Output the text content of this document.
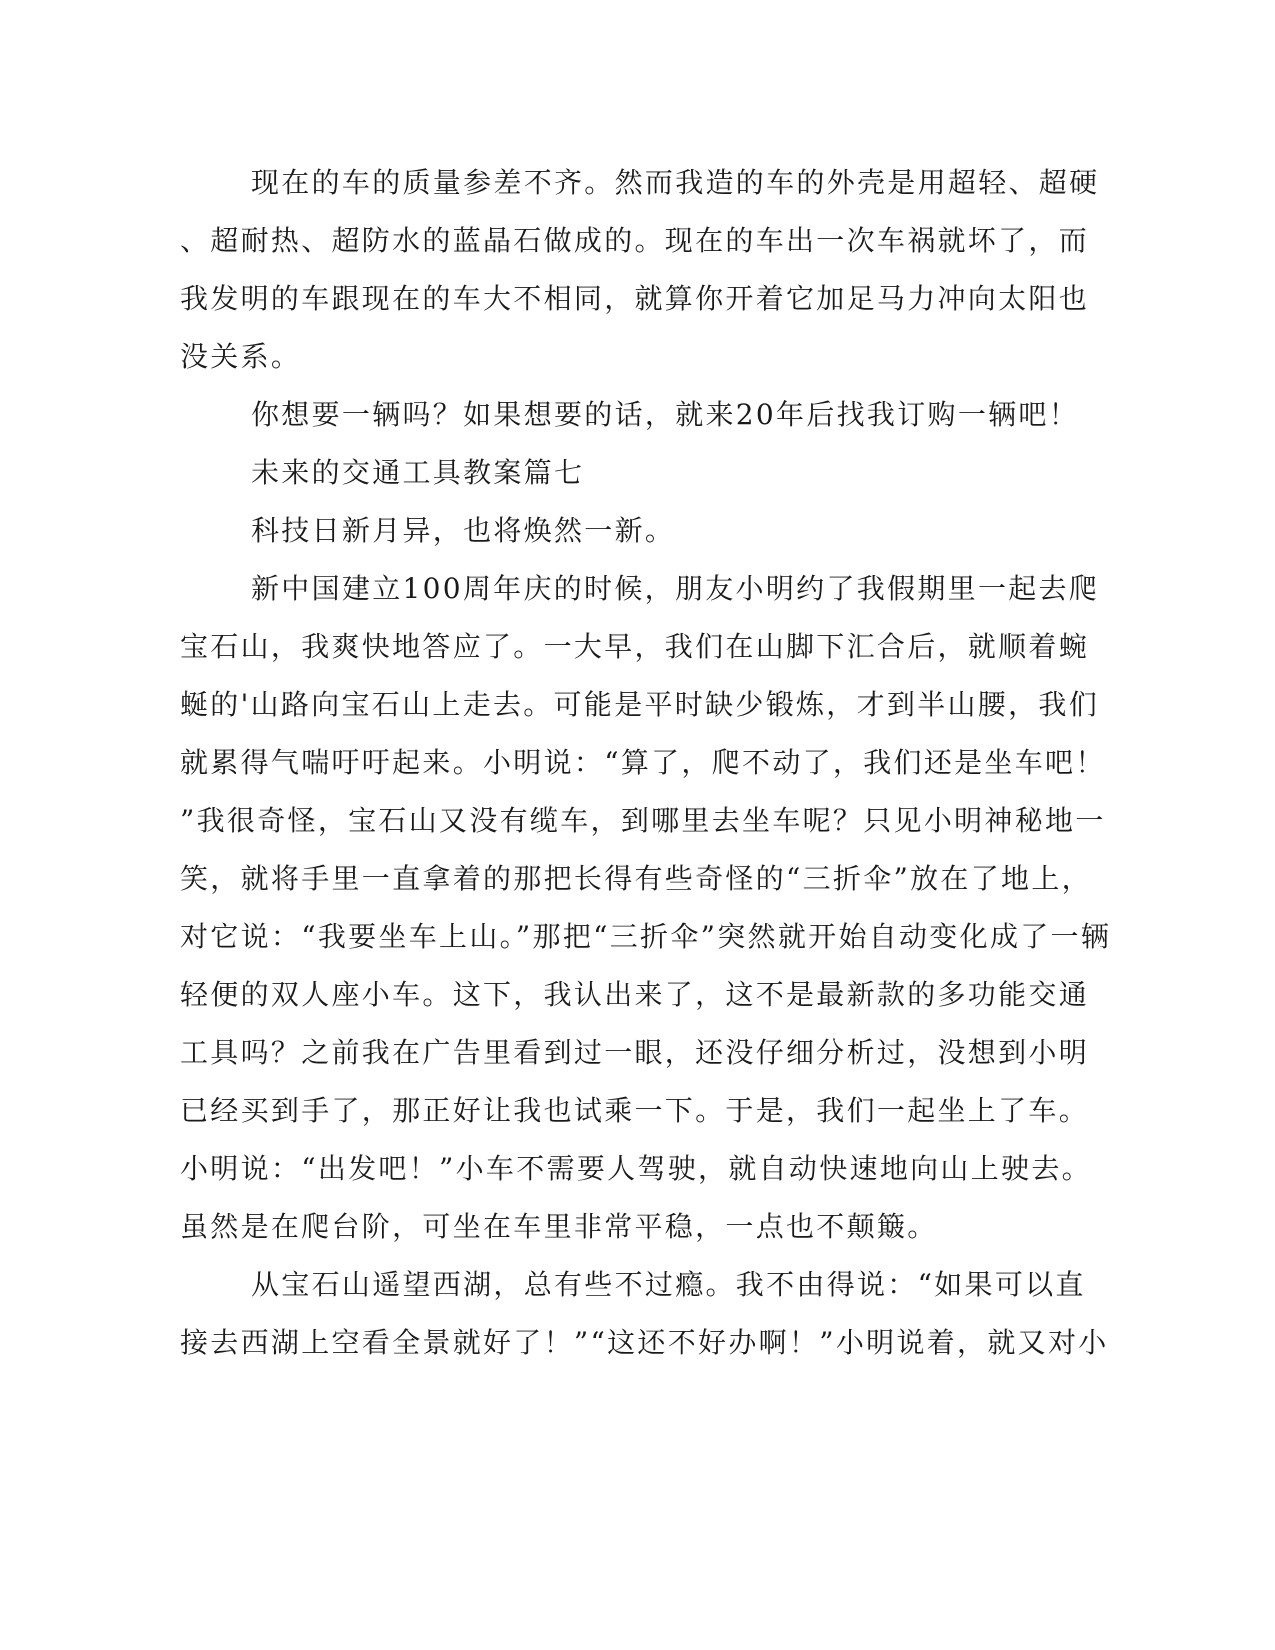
现在的车的质量参差不齐。然而我造的车的外壳是用超轻、超硬
、超耐热、超防水的蓝晶石做成的。现在的车出一次车祸就坏了，而
我发明的车跟现在的车大不相同，就算你开着它加足马力冲向太阳也
没关系。
你想要一辆吗？如果想要的话，就来20年后找我订购一辆吧！
未来的交通工具教案篇七
科技日新月异，也将焕然一新。
新中国建立100周年庆的时候，朋友小明约了我假期里一起去爬
宝石山，我爽快地答应了。一大早，我们在山脚下汇合后，就顺着蜿
蜒的'山路向宝石山上走去。可能是平时缺少锻炼，才到半山腰，我们
就累得气喘吁吁起来。小明说：“算了，爬不动了，我们还是坐车吧！
”我很奇怪，宝石山又没有缆车，到哪里去坐车呢？只见小明神秘地一
笑，就将手里一直拿着的那把长得有些奇怪的“三折伞”放在了地上，
对它说：“我要坐车上山。”那把“三折伞”突然就开始自动变化成了一辆
轻便的双人座小车。这下，我认出来了，这不是最新款的多功能交通
工具吗？之前我在广告里看到过一眼，还没仔细分析过，没想到小明
已经买到手了，那正好让我也试乘一下。于是，我们一起坐上了车。
小明说：“出发吧！”小车不需要人驾驶，就自动快速地向山上驶去。
虽然是在爬台阶，可坐在车里非常平稳，一点也不颠簸。
从宝石山遥望西湖，总有些不过瘾。我不由得说：“如果可以直
接去西湖上空看全景就好了！”“这还不好办啊！”小明说着，就又对小
